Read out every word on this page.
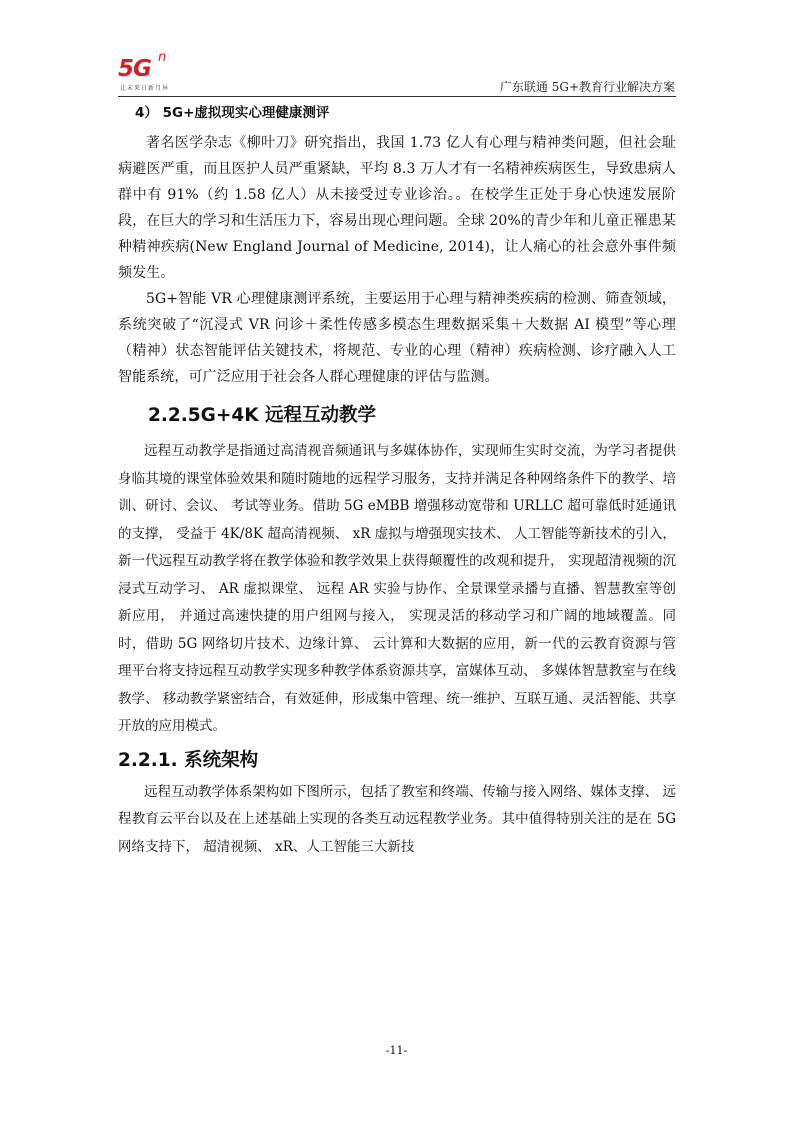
5G n
让未来日新月异	广东联通 5G+教育行业解决方案
4） 5G+虚拟现实心理健康测评

著名医学杂志《柳叶刀》研究指出，我国 1.73 亿人有心理与精神类问题，但社会耻病避医严重，而且医护人员严重紧缺，平均 8.3 万人才有一名精神疾病医生，导致患病人群中有 91%（约 1.58 亿人）从未接受过专业诊治。。在校学生正处于身心快速发展阶段，在巨大的学习和生活压力下，容易出现心理问题。全球 20%的青少年和儿童正罹患某种精神疾病(New England Journal of Medicine, 2014)，让人痛心的社会意外事件频频发生。

5G+智能 VR 心理健康测评系统，主要运用于心理与精神类疾病的检测、筛查领域，系统突破了“沉浸式 VR 问诊＋柔性传感多模态生理数据采集＋大数据 AI 模型”等心理（精神）状态智能评估关键技术，将规范、专业的心理（精神）疾病检测、诊疗融入人工智能系统，可广泛应用于社会各人群心理健康的评估与监测。

2.2.5G+4K 远程互动教学

远程互动教学是指通过高清视音频通讯与多媒体协作，实现师生实时交流，为学习者提供身临其境的课堂体验效果和随时随地的远程学习服务，支持并满足各种网络条件下的教学、培训、研讨、会议、 考试等业务。借助 5G eMBB 增强移动宽带和 URLLC 超可靠低时延通讯的支撑， 受益于 4K/8K 超高清视频、 xR 虚拟与增强现实技术、 人工智能等新技术的引入， 新一代远程互动教学将在教学体验和教学效果上获得颠覆性的改观和提升， 实现超清视频的沉浸式互动学习、 AR 虚拟课堂、 远程 AR 实验与协作、全景课堂录播与直播、智慧教室等创新应用， 并通过高速快捷的用户组网与接入， 实现灵活的移动学习和广阔的地域覆盖。同时，借助 5G 网络切片技术、边缘计算、 云计算和大数据的应用，新一代的云教育资源与管理平台将支持远程互动教学实现多种教学体系资源共享，富媒体互动、 多媒体智慧教室与在线教学、 移动教学紧密结合，有效延伸，形成集中管理、统一维护、互联互通、灵活智能、共享开放的应用模式。

2.2.1. 系统架构

远程互动教学体系架构如下图所示，包括了教室和终端、传输与接入网络、媒体支撑、 远程教育云平台以及在上述基础上实现的各类互动远程教学业务。其中值得特别关注的是在 5G 网络支持下， 超清视频、 xR、人工智能三大新技

-11-
